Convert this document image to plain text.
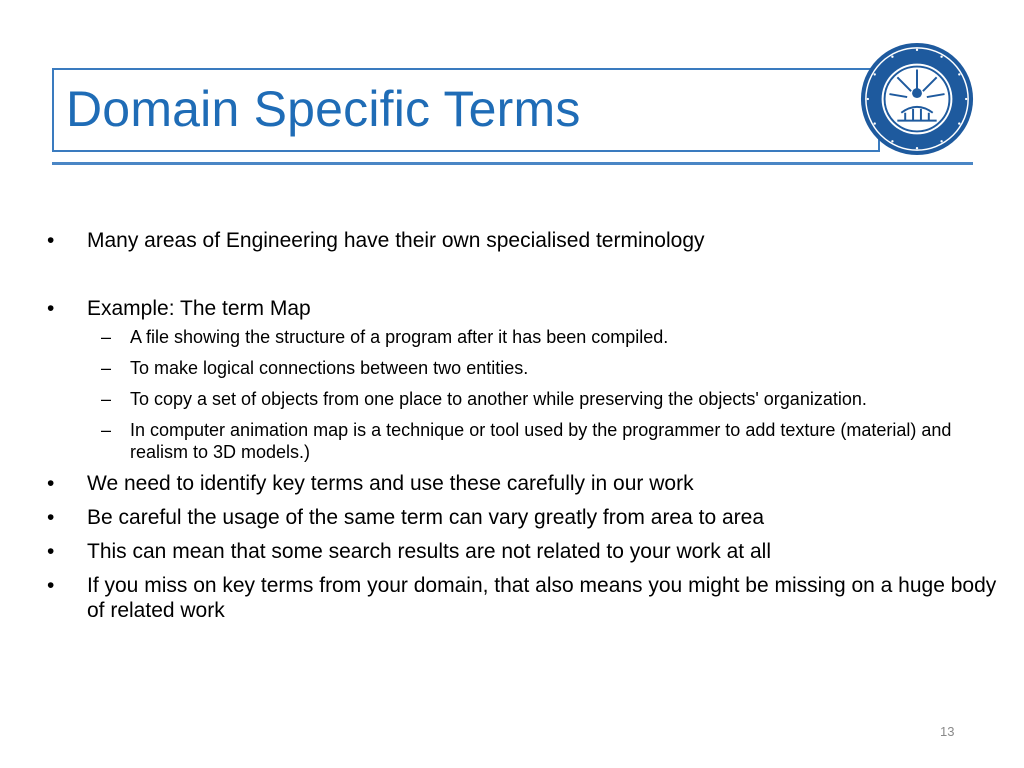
Domain Specific Terms

• Many areas of Engineering have their own specialised terminology

• Example: The term Map

– A file showing the structure of a program after it has been compiled.

– To make logical connections between two entities.

– To copy a set of objects from one place to another while preserving the objects' organization.

– In computer animation map is a technique or tool used by the programmer to add texture (material) and realism to 3D models.)

• We need to identify key terms and use these carefully in our work

• Be careful the usage of the same term can vary greatly from area to area

• This can mean that some search results are not related to your work at all

• If you miss on key terms from your domain, that also means you might be missing on a huge body of related work

13
